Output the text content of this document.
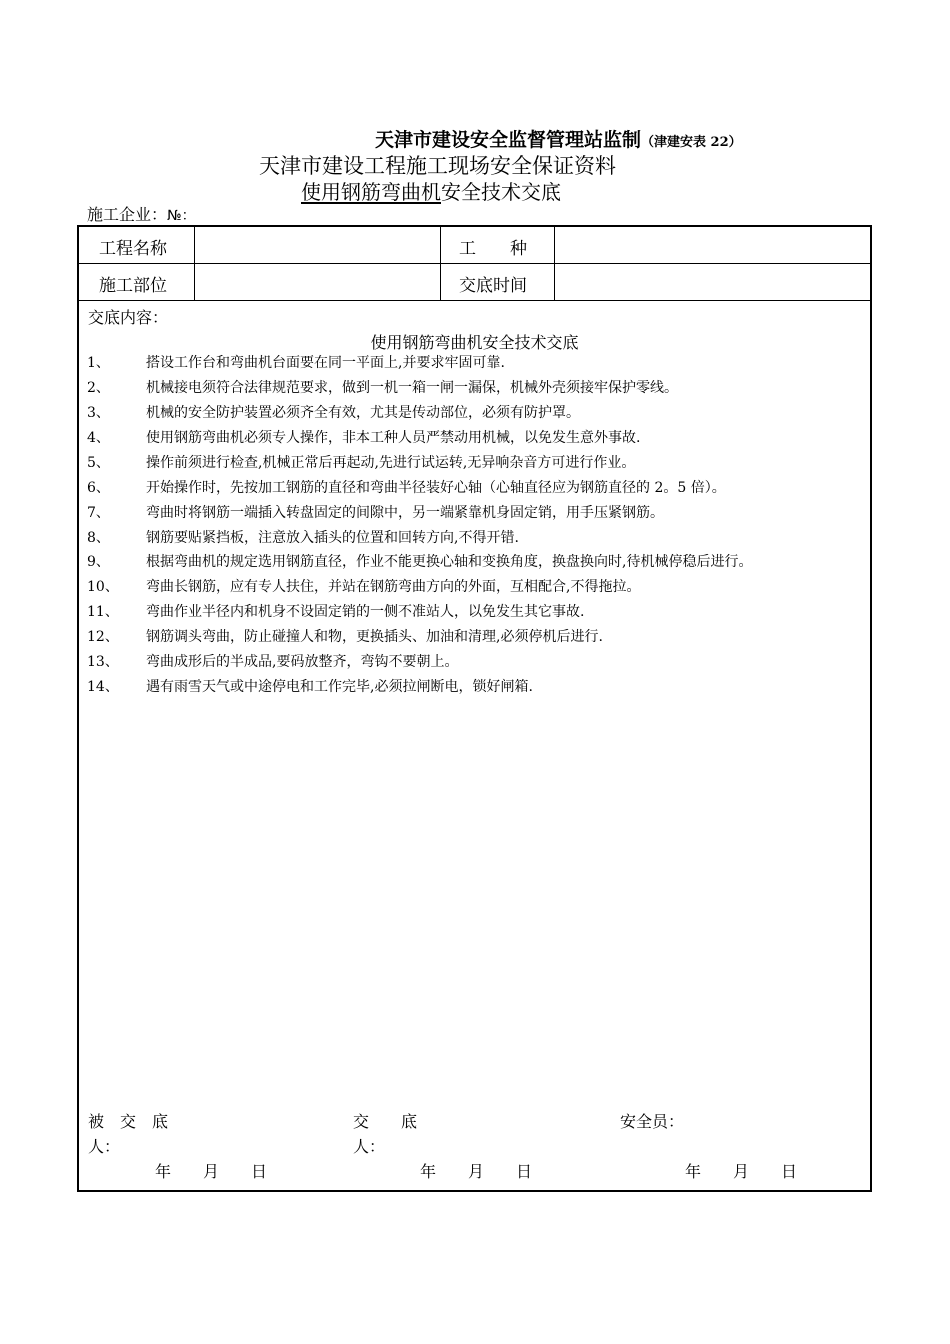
天津市建设安全监督管理站监制（津建安表 22）
天津市建设工程施工现场安全保证资料
使用钢筋弯曲机安全技术交底
施工企业：№：
工程名称	工　　种
施工部位	交底时间
交底内容：
使用钢筋弯曲机安全技术交底
1、	搭设工作台和弯曲机台面要在同一平面上,并要求牢固可靠.
2、	机械接电须符合法律规范要求，做到一机一箱一闸一漏保，机械外壳须接牢保护零线。
3、	机械的安全防护装置必须齐全有效，尤其是传动部位，必须有防护罩。
4、	使用钢筋弯曲机必须专人操作，非本工种人员严禁动用机械，以免发生意外事故.
5、	操作前须进行检查,机械正常后再起动,先进行试运转,无异响杂音方可进行作业。
6、	开始操作时，先按加工钢筋的直径和弯曲半径装好心轴（心轴直径应为钢筋直径的 2。5 倍）。
7、	弯曲时将钢筋一端插入转盘固定的间隙中，另一端紧靠机身固定销，用手压紧钢筋。
8、	钢筋要贴紧挡板，注意放入插头的位置和回转方向,不得开错.
9、	根据弯曲机的规定选用钢筋直径，作业不能更换心轴和变换角度，换盘换向时,待机械停稳后进行。
10、 弯曲长钢筋，应有专人扶住，并站在钢筋弯曲方向的外面，互相配合,不得拖拉。
11、 弯曲作业半径内和机身不设固定销的一侧不准站人，以免发生其它事故.
12、 钢筋调头弯曲，防止碰撞人和物，更换插头、加油和清理,必须停机后进行.
13、 弯曲成形后的半成品,要码放整齐，弯钩不要朝上。
14、 遇有雨雪天气或中途停电和工作完毕,必须拉闸断电，锁好闸箱.
被　交　底
人：
年　　月　　日
交　　底
人：
年　　月　　日
安全员：
年　　月　　日
